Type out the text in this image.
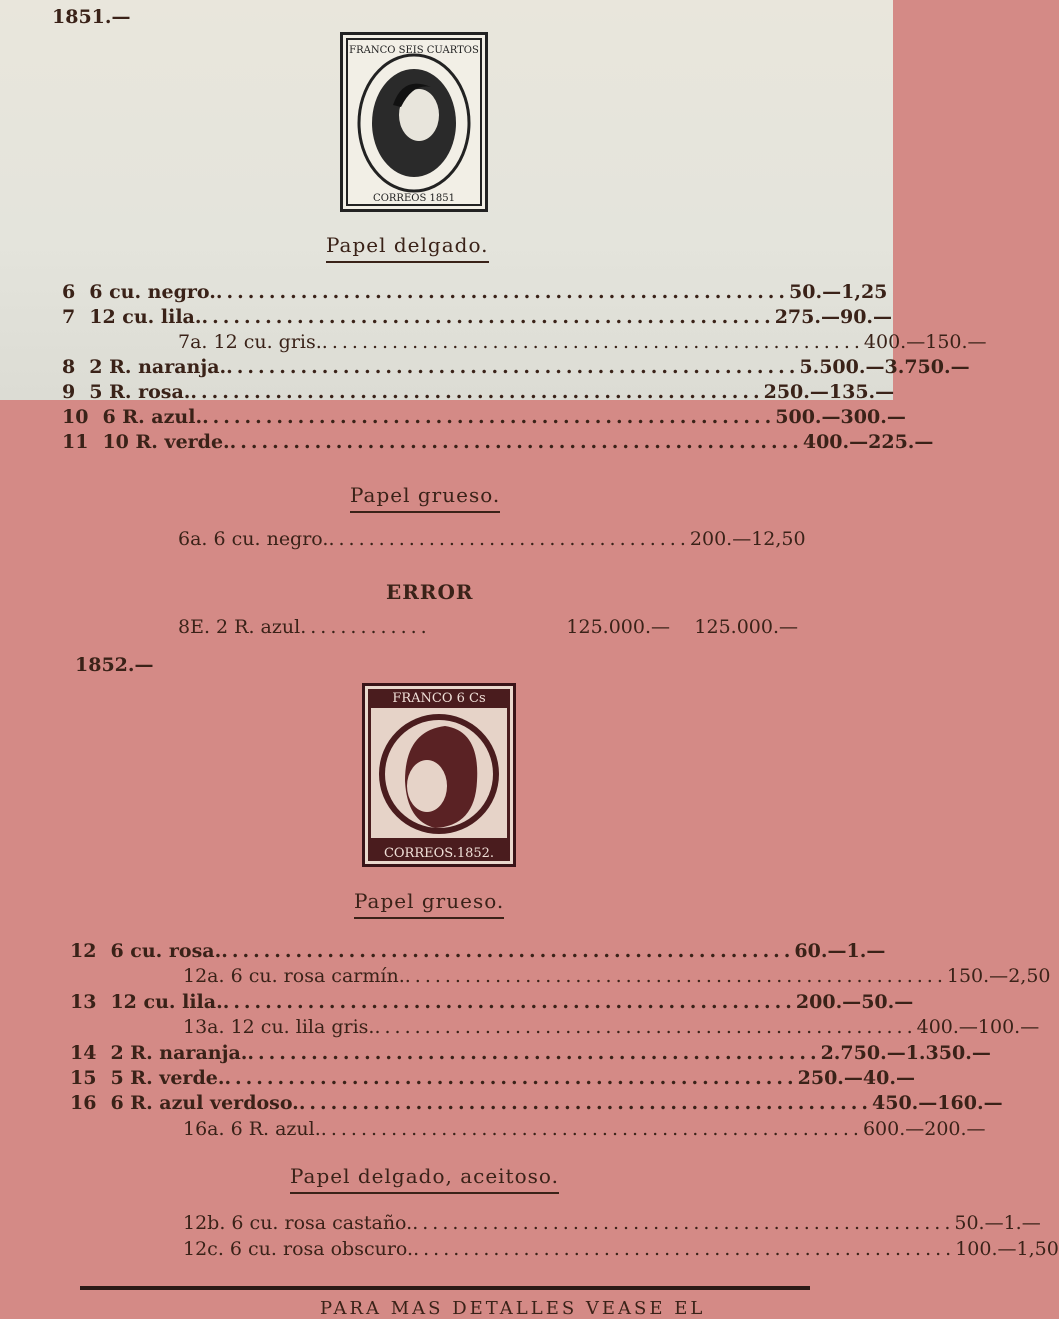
1851.—
FRANCO SEIS CUARTOS
CORREOS 1851
Papel delgado.
6 6 cu. negro. ...................................................... 50.— 1,25
7 12 cu. lila. ...................................................... 275.— 90.—
7a. 12 cu. gris. ...................................................... 400.— 150.—
8 2 R. naranja. ...................................................... 5.500.— 3.750.—
9 5 R. rosa. ...................................................... 250.— 135.—
10 6 R. azul. ...................................................... 500.— 300.—
11 10 R. verde. ...................................................... 400.— 225.—
Papel grueso.
6a. 6 cu. negro. .................................... 200.— 12,50
ERROR
8E. 2 R. azul .............	125.000.—	125.000.—
1852.—
FRANCO 6 Cs
CORREOS.1852.
Papel grueso.
12 6 cu. rosa. ...................................................... 60.— 1.—
12a. 6 cu. rosa carmín. ...................................................... 150.— 2,50
13 12 cu. lila. ...................................................... 200.— 50.—
13a. 12 cu. lila gris. ...................................................... 400.— 100.—
14 2 R. naranja. ...................................................... 2.750.— 1.350.—
15 5 R. verde. ...................................................... 250.— 40.—
16 6 R. azul verdoso. ...................................................... 450.— 160.—
16a. 6 R. azul. ...................................................... 600.— 200.—
Papel delgado, aceitoso.
12b. 6 cu. rosa castaño. ...................................................... 50.— 1.—
12c. 6 cu. rosa obscuro. ...................................................... 100.— 1,50
PARA MAS DETALLES VEASE EL
